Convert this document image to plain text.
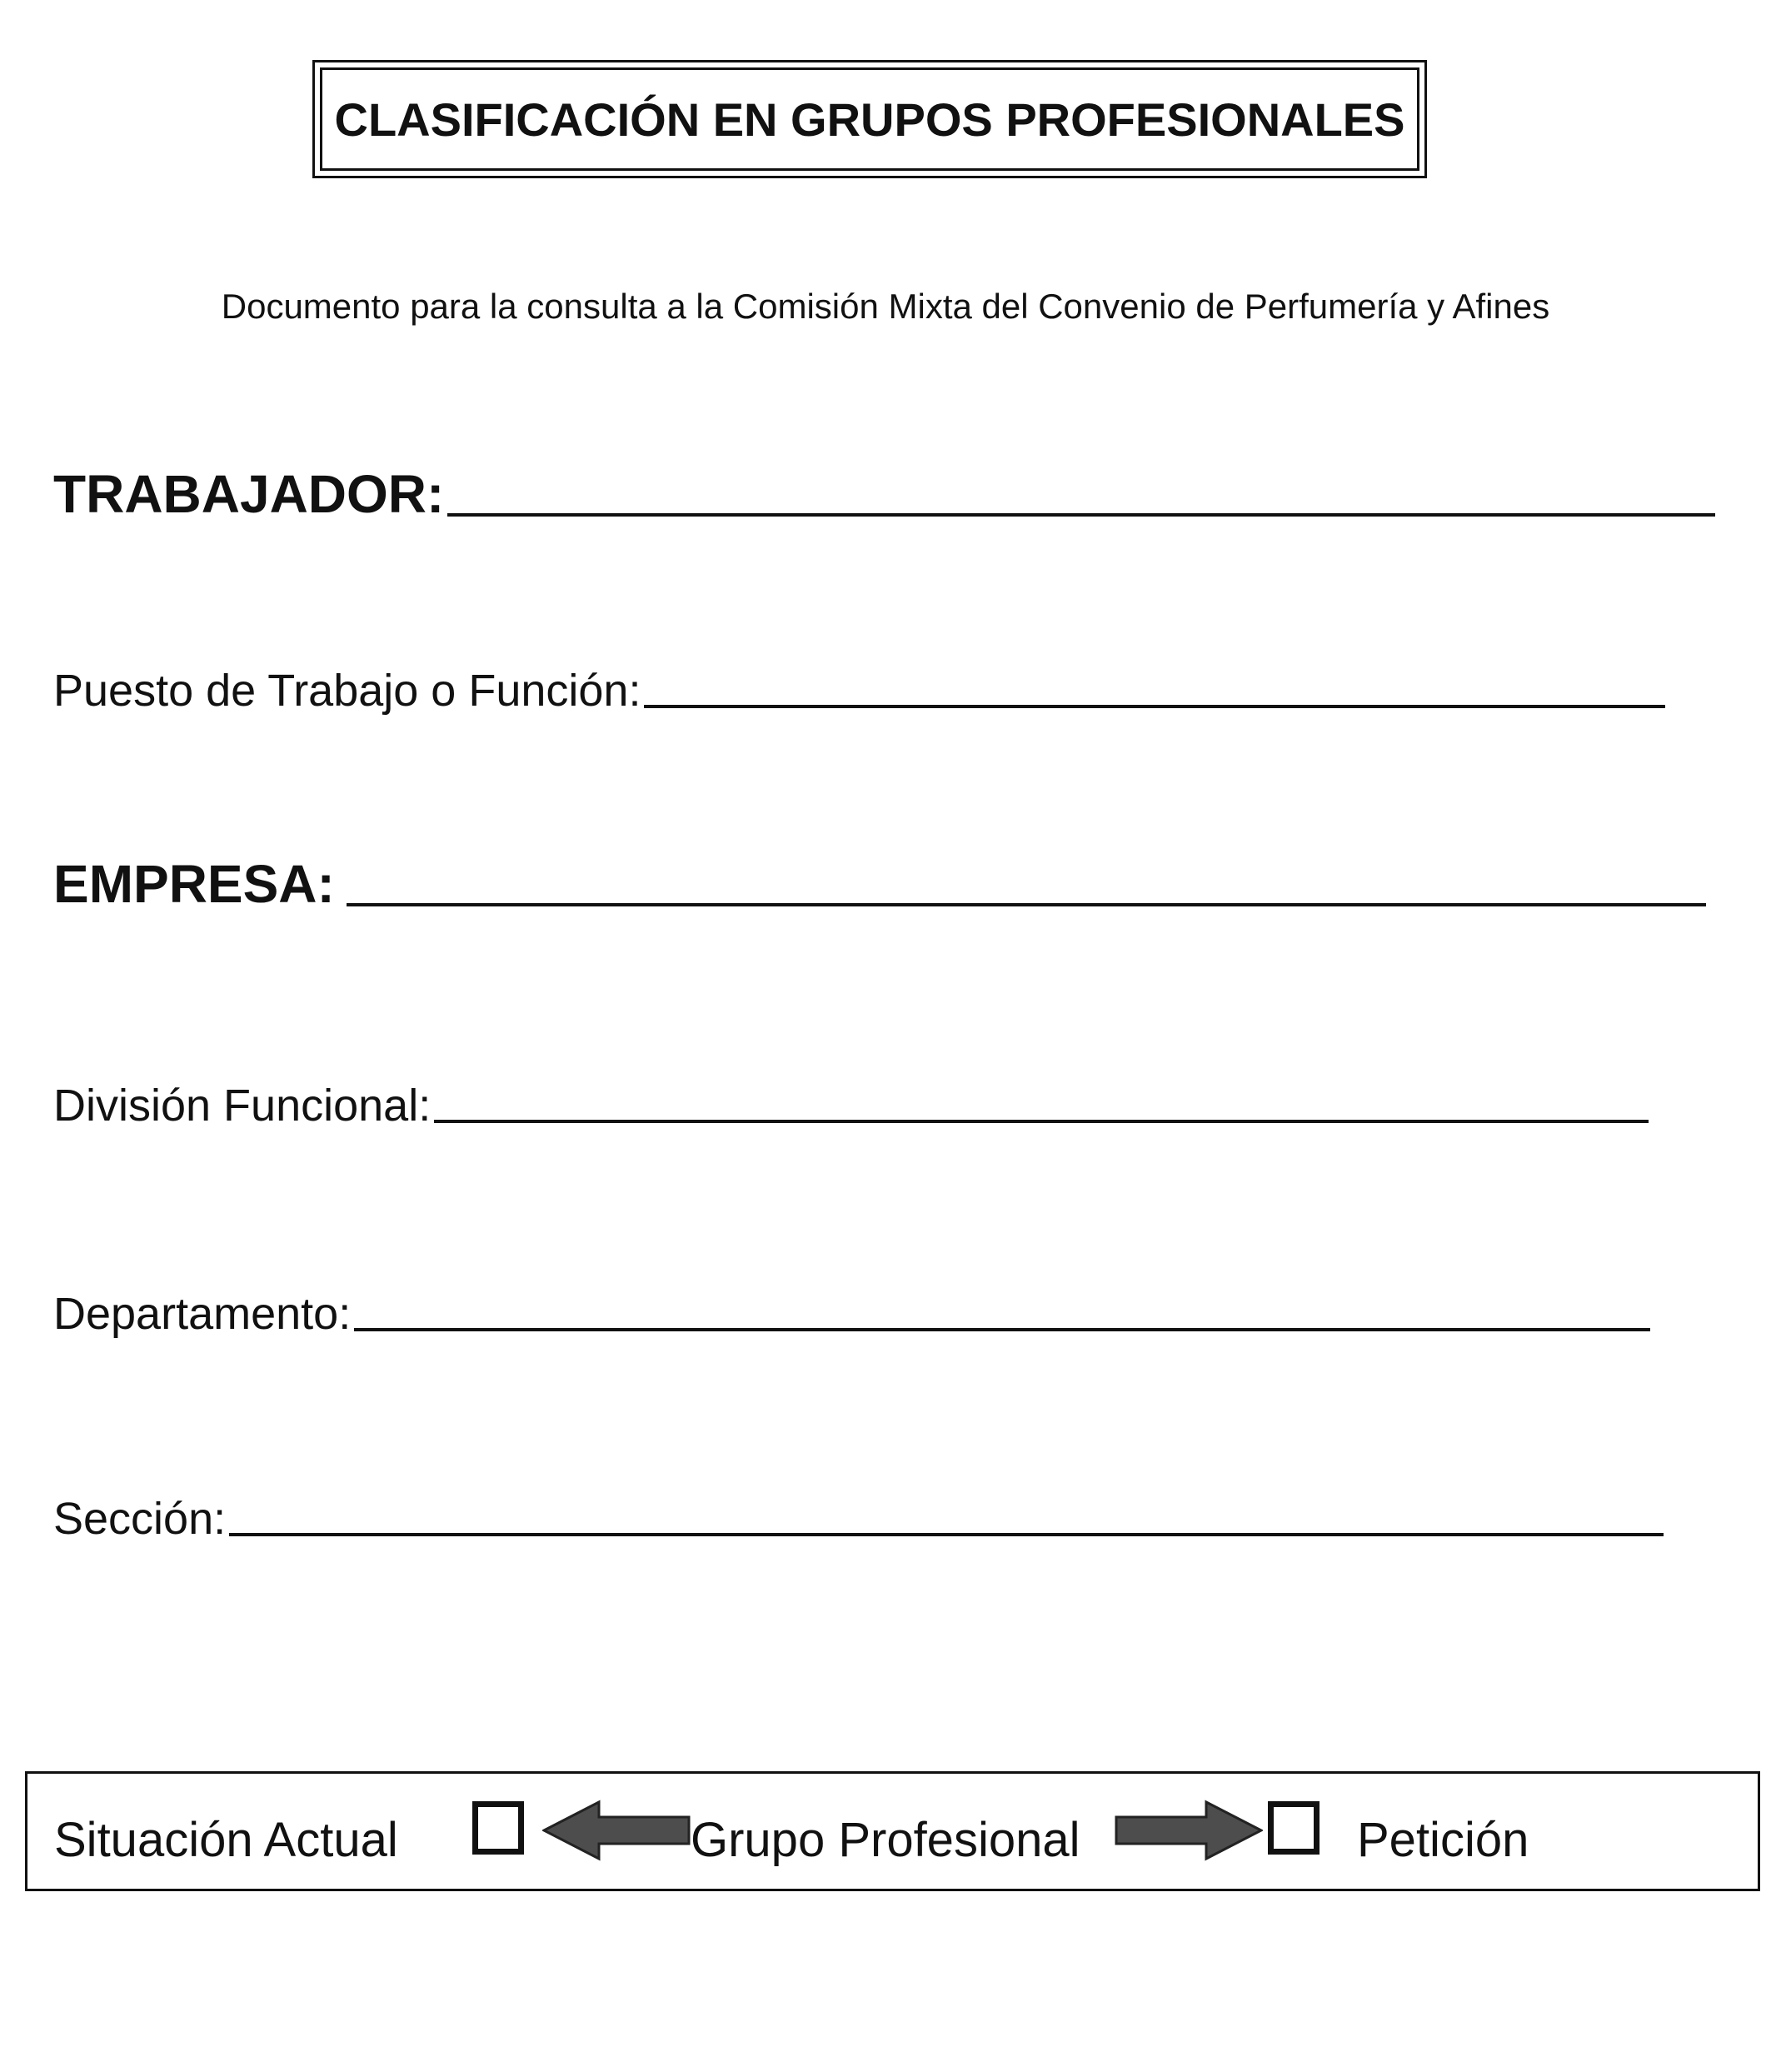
CLASIFICACIÓN EN GRUPOS PROFESIONALES
Documento para la consulta a la Comisión Mixta del Convenio de Perfumería y Afines
TRABAJADOR:
Puesto de Trabajo o Función:
EMPRESA:
División Funcional:
Departamento:
Sección:
Situación Actual	Grupo Profesional	Petición
